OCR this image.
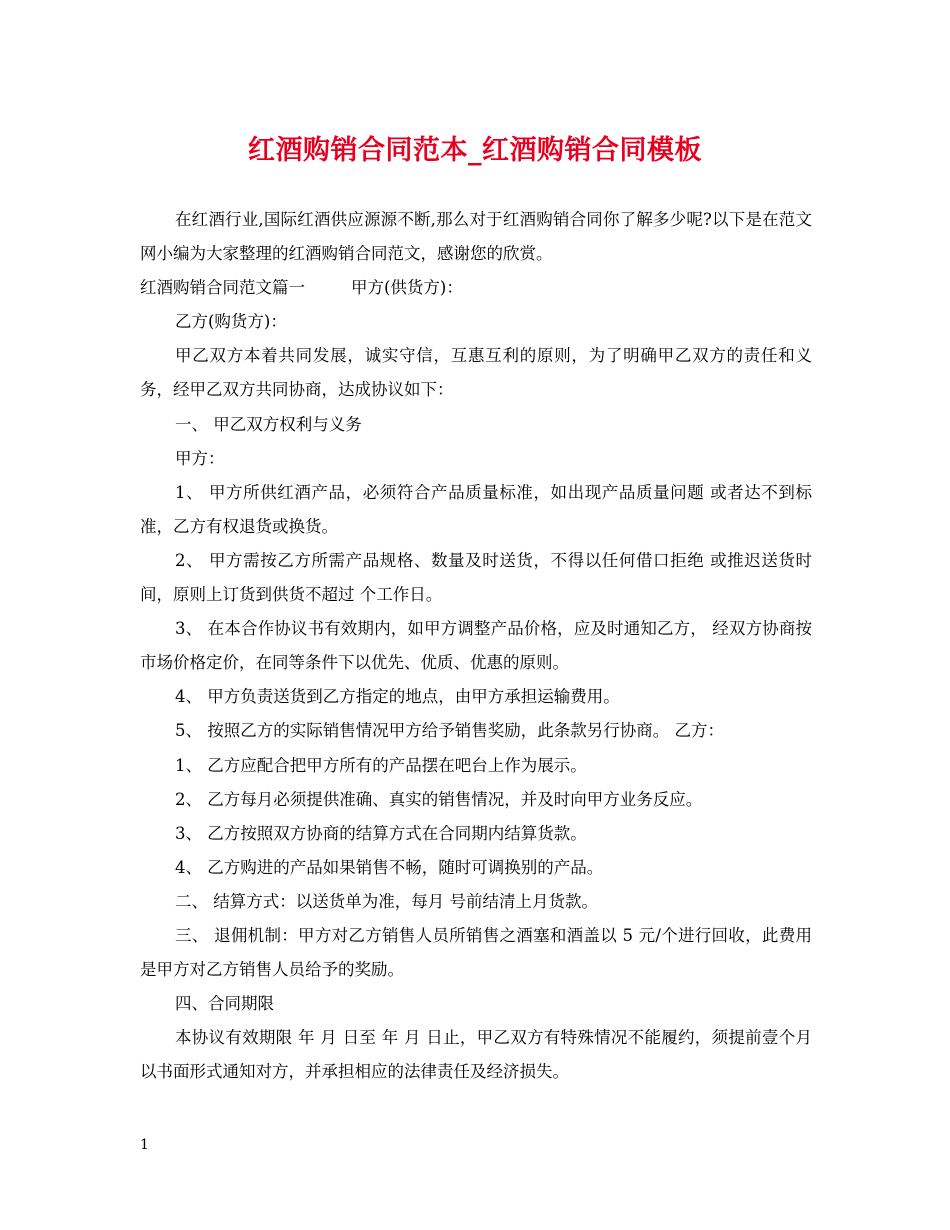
红酒购销合同范本_红酒购销合同模板

在红酒行业,国际红酒供应源源不断,那么对于红酒购销合同你了解多少呢?以下是在范文网小编为大家整理的红酒购销合同范文，感谢您的欣赏。

红酒购销合同范文篇一	甲方(供货方)：

乙方(购货方)：

甲乙双方本着共同发展，诚实守信，互惠互利的原则，为了明确甲乙双方的责任和义务，经甲乙双方共同协商，达成协议如下：

一、 甲乙双方权利与义务

甲方：

1、 甲方所供红酒产品，必须符合产品质量标准，如出现产品质量问题 或者达不到标准，乙方有权退货或换货。

2、 甲方需按乙方所需产品规格、数量及时送货，不得以任何借口拒绝 或推迟送货时间，原则上订货到供货不超过 个工作日。

3、 在本合作协议书有效期内，如甲方调整产品价格，应及时通知乙方， 经双方协商按市场价格定价，在同等条件下以优先、优质、优惠的原则。

4、 甲方负责送货到乙方指定的地点，由甲方承担运输费用。

5、 按照乙方的实际销售情况甲方给予销售奖励，此条款另行协商。 乙方：

1、 乙方应配合把甲方所有的产品摆在吧台上作为展示。

2、 乙方每月必须提供准确、真实的销售情况，并及时向甲方业务反应。

3、 乙方按照双方协商的结算方式在合同期内结算货款。

4、 乙方购进的产品如果销售不畅，随时可调换别的产品。

二、 结算方式：以送货单为准，每月 号前结清上月货款。

三、 退佣机制：甲方对乙方销售人员所销售之酒塞和酒盖以 5 元/个进行回收，此费用是甲方对乙方销售人员给予的奖励。

四、合同期限

本协议有效期限 年 月 日至 年 月 日止，甲乙双方有特殊情况不能履约，须提前壹个月以书面形式通知对方，并承担相应的法律责任及经济损失。

1
